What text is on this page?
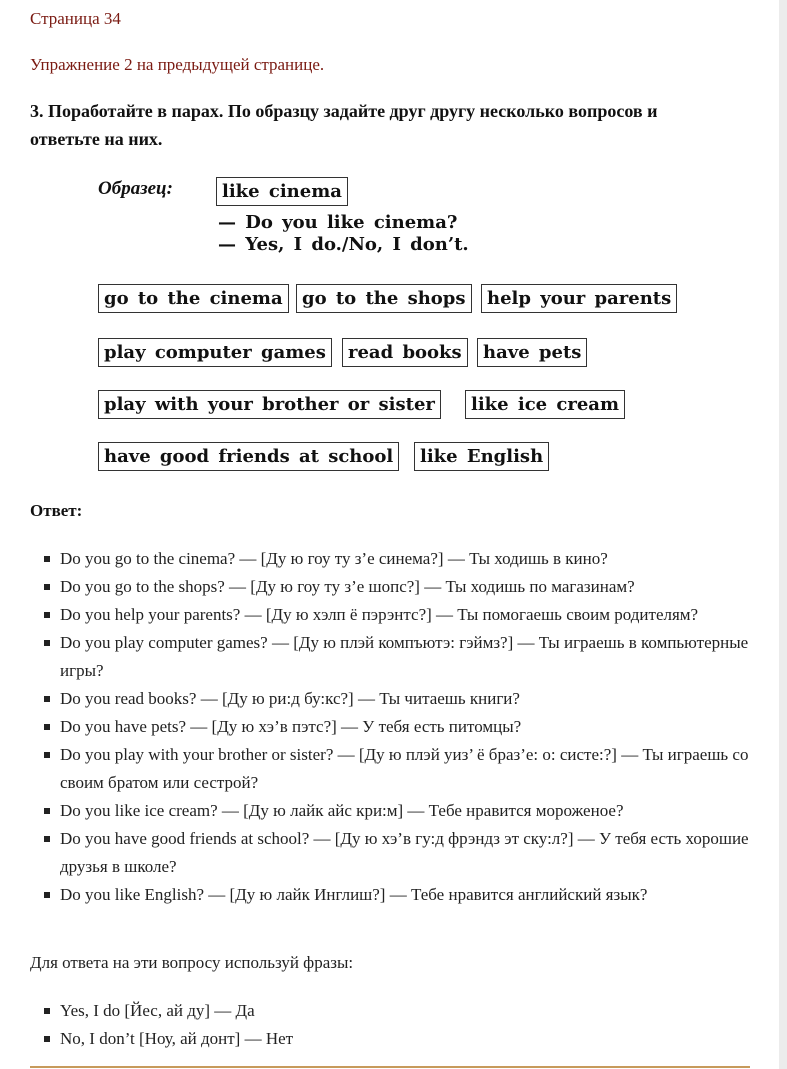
Страница 34
Упражнение 2 на предыдущей странице.
3. Поработайте в парах. По образцу задайте друг другу несколько вопросов и ответьте на них.
Образец:	like cinema
— Do you like cinema?
— Yes, I do./No, I don’t.
go to the cinema	go to the shops	help your parents
play computer games	read books	have pets
play with your brother or sister	like ice cream
have good friends at school	like English
Ответ:
Do you go to the cinema? — [Ду ю гоу ту з’е синема?] — Ты ходишь в кино?
Do you go to the shops? — [Ду ю гоу ту з’е шопс?] — Ты ходишь по магазинам?
Do you help your parents? — [Ду ю хэлп ё пэрэнтс?] — Ты помогаешь своим родителям?
Do you play computer games? — [Ду ю плэй компъютэ: гэймз?] — Ты играешь в компьютерные игры?
Do you read books? — [Ду ю ри:д бу:кс?] — Ты читаешь книги?
Do you have pets? — [Ду ю хэ’в пэтс?] — У тебя есть питомцы?
Do you play with your brother or sister? — [Ду ю плэй уиз’ ё браз’е: о: систе:?] — Ты играешь со своим братом или сестрой?
Do you like ice cream? — [Ду ю лайк айс кри:м] — Тебе нравится мороженое?
Do you have good friends at school? — [Ду ю хэ’в гу:д фрэндз эт ску:л?] — У тебя есть хорошие друзья в школе?
Do you like English? — [Ду ю лайк Инглиш?] — Тебе нравится английский язык?
Для ответа на эти вопросу используй фразы:
Yes, I do [Йес, ай ду] — Да
No, I don’t [Ноу, ай донт] — Нет
